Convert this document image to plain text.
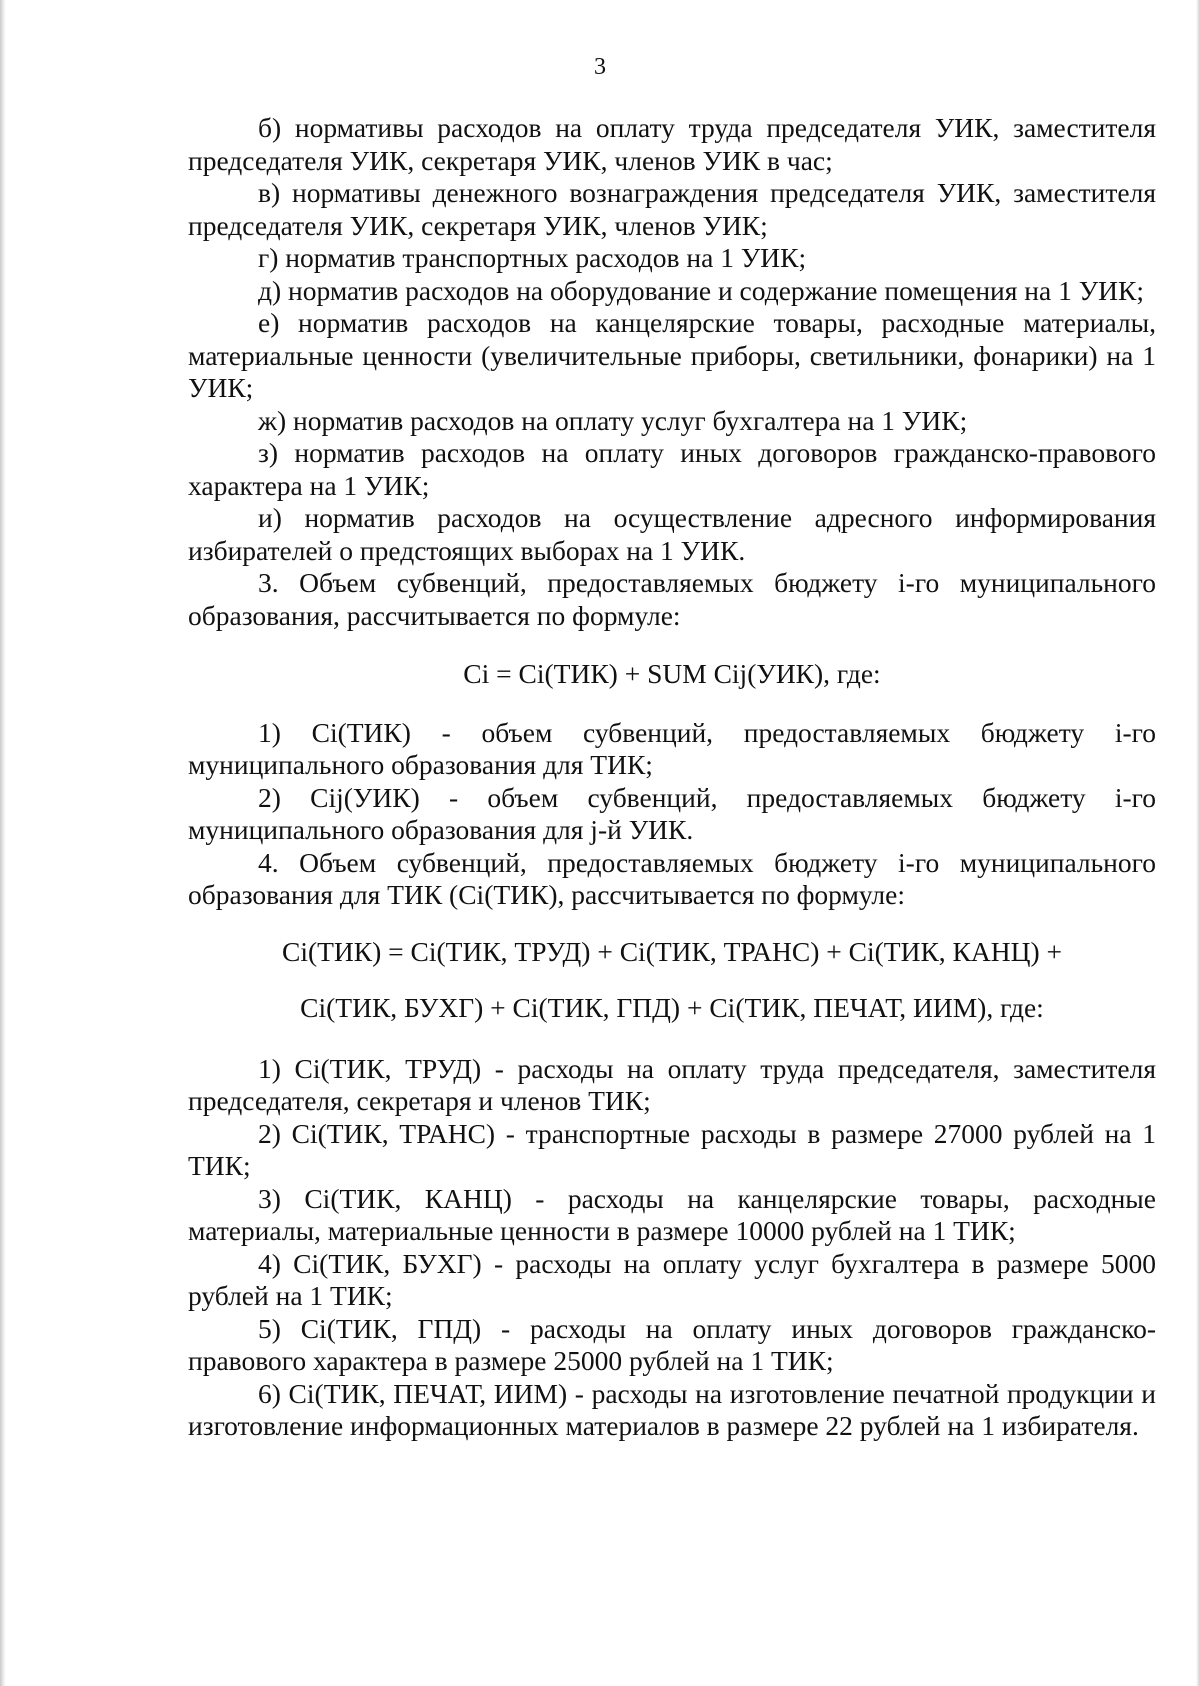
3

б) нормативы расходов на оплату труда председателя УИК, заместителя председателя УИК, секретаря УИК, членов УИК в час;

в) нормативы денежного вознаграждения председателя УИК, заместителя председателя УИК, секретаря УИК, членов УИК;

г) норматив транспортных расходов на 1 УИК;

д) норматив расходов на оборудование и содержание помещения на 1 УИК;

е) норматив расходов на канцелярские товары, расходные материалы, материальные ценности (увеличительные приборы, светильники, фонарики) на 1 УИК;

ж) норматив расходов на оплату услуг бухгалтера на 1 УИК;

з) норматив расходов на оплату иных договоров гражданско-правового характера на 1 УИК;

и) норматив расходов на осуществление адресного информирования избирателей о предстоящих выборах на 1 УИК.

3. Объем субвенций, предоставляемых бюджету i-го муниципального образования, рассчитывается по формуле:

Ci = Ci(ТИК) + SUM Cij(УИК), где:

1) Ci(ТИК) - объем субвенций, предоставляемых бюджету i-го муниципального образования для ТИК;

2) Cij(УИК) - объем субвенций, предоставляемых бюджету i-го муниципального образования для j-й УИК.

4. Объем субвенций, предоставляемых бюджету i-го муниципального образования для ТИК (Ci(ТИК), рассчитывается по формуле:

Ci(ТИК) = Ci(ТИК, ТРУД) + Ci(ТИК, ТРАНС) + Ci(ТИК, КАНЦ) +

Ci(ТИК, БУХГ) + Ci(ТИК, ГПД) + Ci(ТИК, ПЕЧАТ, ИИМ), где:

1) Ci(ТИК, ТРУД) - расходы на оплату труда председателя, заместителя председателя, секретаря и членов ТИК;

2) Ci(ТИК, ТРАНС) - транспортные расходы в размере 27000 рублей на 1 ТИК;

3) Ci(ТИК, КАНЦ) - расходы на канцелярские товары, расходные материалы, материальные ценности в размере 10000 рублей на 1 ТИК;

4) Ci(ТИК, БУХГ) - расходы на оплату услуг бухгалтера в размере 5000 рублей на 1 ТИК;

5) Ci(ТИК, ГПД) - расходы на оплату иных договоров гражданско-правового характера в размере 25000 рублей на 1 ТИК;

6) Ci(ТИК, ПЕЧАТ, ИИМ) - расходы на изготовление печатной продукции и изготовление информационных материалов в размере 22 рублей на 1 избирателя.
